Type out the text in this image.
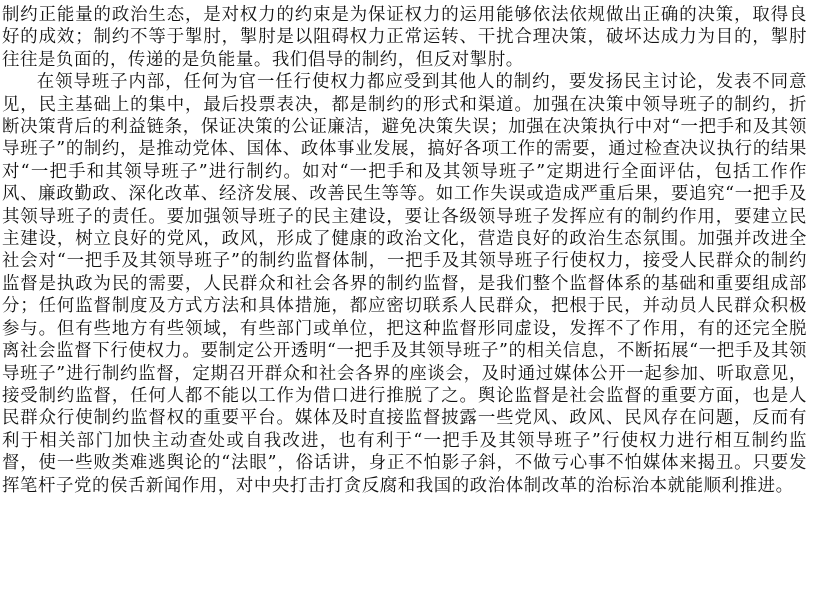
制约正能量的政治生态，是对权力的约束是为保证权力的运用能够依法依规做出正确的决策，取得良好的成效；制约不等于掣肘，掣肘是以阻碍权力正常运转、干扰合理决策，破坏达成力为目的，掣肘往往是负面的，传递的是负能量。我们倡导的制约，但反对掣肘。

在领导班子内部，任何为官一任行使权力都应受到其他人的制约，要发扬民主讨论，发表不同意见，民主基础上的集中，最后投票表决，都是制约的形式和渠道。加强在决策中领导班子的制约，折断决策背后的利益链条，保证决策的公证廉洁，避免决策失误；加强在决策执行中对“一把手和及其领导班子”的制约，是推动党体、国体、政体事业发展，搞好各项工作的需要，通过检查决议执行的结果对“一把手和其领导班子”进行制约。如对“一把手和及其领导班子”定期进行全面评估，包括工作作风、廉政勤政、深化改革、经济发展、改善民生等等。如工作失误或造成严重后果，要追究“一把手及其领导班子的责任。要加强领导班子的民主建设，要让各级领导班子发挥应有的制约作用，要建立民主建设，树立良好的党风，政风，形成了健康的政治文化，营造良好的政治生态氛围。加强并改进全社会对“一把手及其领导班子”的制约监督体制，一把手及其领导班子行使权力，接受人民群众的制约监督是执政为民的需要，人民群众和社会各界的制约监督，是我们整个监督体系的基础和重要组成部分；任何监督制度及方式方法和具体措施，都应密切联系人民群众，把根于民，并动员人民群众积极参与。但有些地方有些领域，有些部门或单位，把这种监督形同虚设，发挥不了作用，有的还完全脱离社会监督下行使权力。要制定公开透明“一把手及其领导班子”的相关信息，不断拓展“一把手及其领导班子”进行制约监督，定期召开群众和社会各界的座谈会，及时通过媒体公开一起参加、听取意见，接受制约监督，任何人都不能以工作为借口进行推脱了之。舆论监督是社会监督的重要方面，也是人民群众行使制约监督权的重要平台。媒体及时直接监督披露一些党风、政风、民风存在问题，反而有利于相关部门加快主动查处或自我改进，也有利于“一把手及其领导班子”行使权力进行相互制约监督，使一些败类难逃舆论的“法眼”，俗话讲，身正不怕影子斜，不做亏心事不怕媒体来揭丑。只要发挥笔杆子党的侯舌新闻作用，对中央打击打贪反腐和我国的政治体制改革的治标治本就能顺利推进。
